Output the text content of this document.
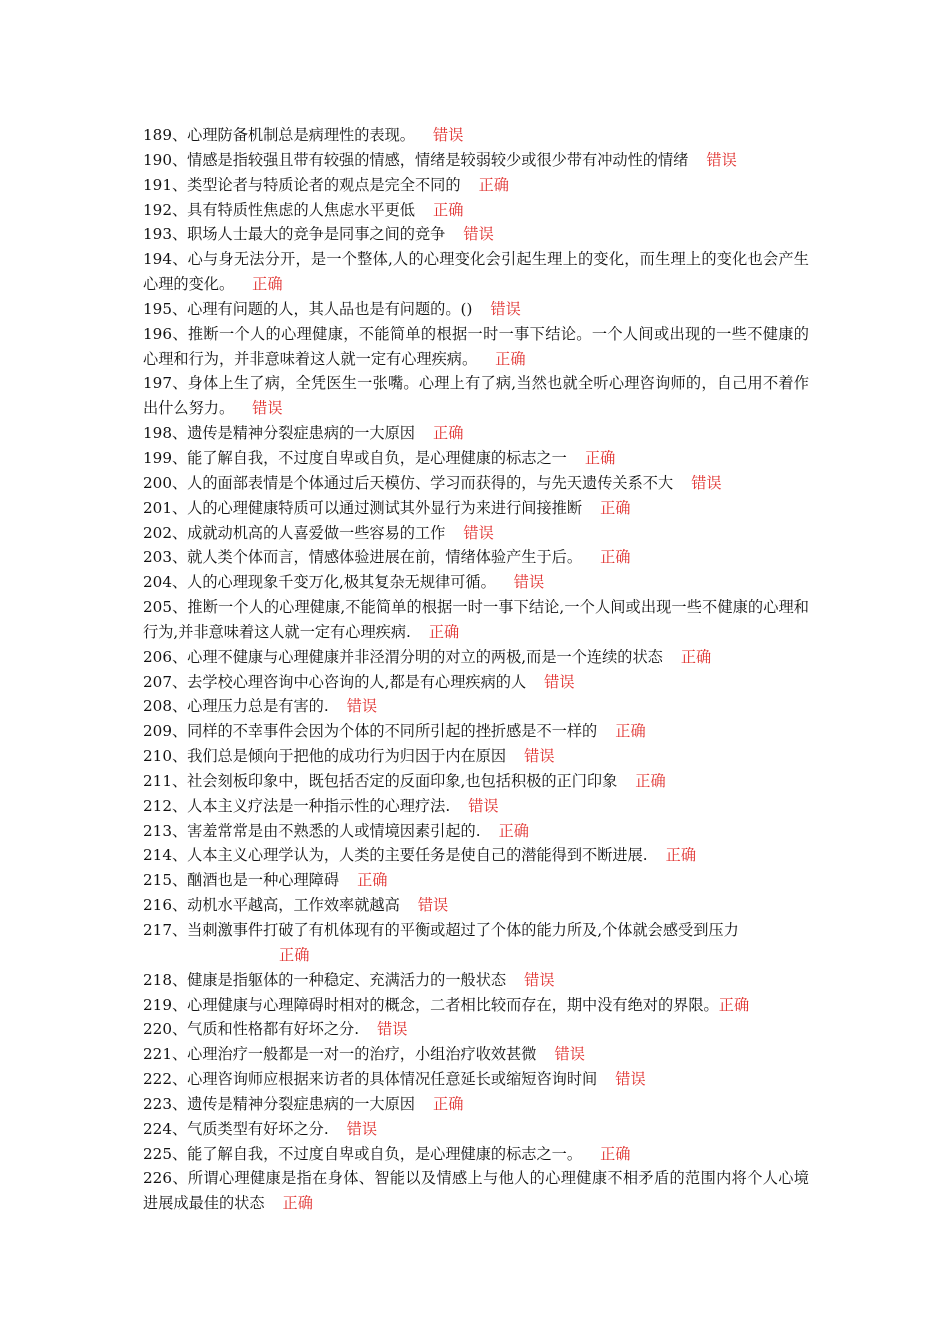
189、心理防备机制总是病理性的表现。 错误
190、情感是指较强且带有较强的情感，情绪是较弱较少或很少带有冲动性的情绪 错误
191、类型论者与特质论者的观点是完全不同的 正确
192、具有特质性焦虑的人焦虑水平更低 正确
193、职场人士最大的竞争是同事之间的竞争 错误
194、心与身无法分开，是一个整体,人的心理变化会引起生理上的变化，而生理上的变化也会产生心理的变化。 正确
195、心理有问题的人，其人品也是有问题的。() 错误
196、推断一个人的心理健康，不能简单的根据一时一事下结论。一个人间或出现的一些不健康的心理和行为，并非意味着这人就一定有心理疾病。 正确
197、身体上生了病，全凭医生一张嘴。心理上有了病,当然也就全听心理咨询师的，自己用不着作出什么努力。 错误
198、遗传是精神分裂症患病的一大原因 正确
199、能了解自我，不过度自卑或自负，是心理健康的标志之一 正确
200、人的面部表情是个体通过后天模仿、学习而获得的，与先天遗传关系不大 错误
201、人的心理健康特质可以通过测试其外显行为来进行间接推断 正确
202、成就动机高的人喜爱做一些容易的工作 错误
203、就人类个体而言，情感体验进展在前，情绪体验产生于后。 正确
204、人的心理现象千变万化,极其复杂无规律可循。 错误
205、推断一个人的心理健康,不能简单的根据一时一事下结论,一个人间或出现一些不健康的心理和行为,并非意味着这人就一定有心理疾病. 正确
206、心理不健康与心理健康并非泾渭分明的对立的两极,而是一个连续的状态 正确
207、去学校心理咨询中心咨询的人,都是有心理疾病的人 错误
208、心理压力总是有害的. 错误
209、同样的不幸事件会因为个体的不同所引起的挫折感是不一样的 正确
210、我们总是倾向于把他的成功行为归因于内在原因 错误
211、社会刻板印象中，既包括否定的反面印象,也包括积极的正门印象 正确
212、人本主义疗法是一种指示性的心理疗法. 错误
213、害羞常常是由不熟悉的人或情境因素引起的. 正确
214、人本主义心理学认为，人类的主要任务是使自己的潜能得到不断进展. 正确
215、酗酒也是一种心理障碍 正确
216、动机水平越高，工作效率就越高 错误
217、当刺激事件打破了有机体现有的平衡或超过了个体的能力所及,个体就会感受到压力
正确
218、健康是指躯体的一种稳定、充满活力的一般状态 错误
219、心理健康与心理障碍时相对的概念，二者相比较而存在，期中没有绝对的界限。正确
220、气质和性格都有好坏之分. 错误
221、心理治疗一般都是一对一的治疗，小组治疗收效甚微 错误
222、心理咨询师应根据来访者的具体情况任意延长或缩短咨询时间 错误
223、遗传是精神分裂症患病的一大原因 正确
224、气质类型有好坏之分. 错误
225、能了解自我，不过度自卑或自负，是心理健康的标志之一。 正确
226、所谓心理健康是指在身体、智能以及情感上与他人的心理健康不相矛盾的范围内将个人心境进展成最佳的状态 正确
